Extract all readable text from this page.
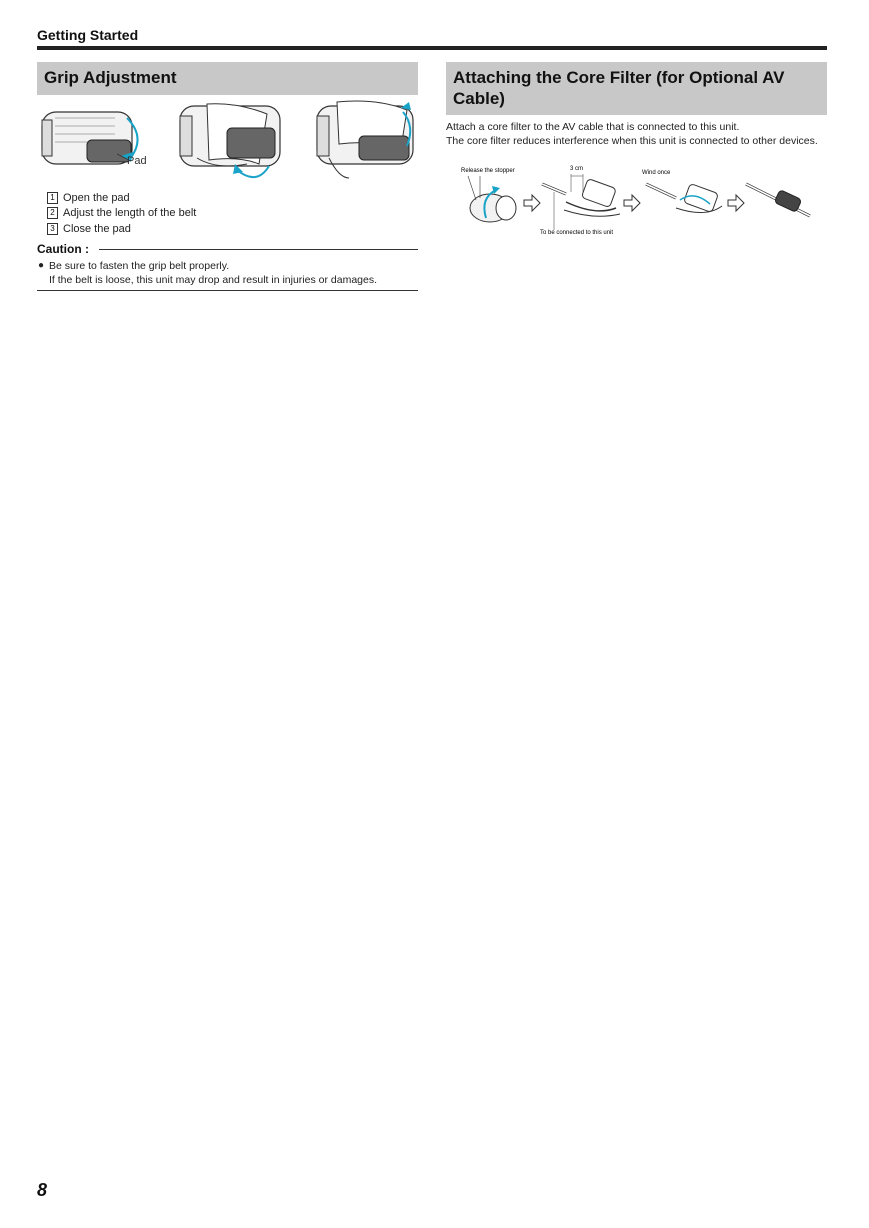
Getting Started
Grip Adjustment
Pad
1 Open the pad
2 Adjust the length of the belt
3 Close the pad
Caution :
● Be sure to fasten the grip belt properly.
If the belt is loose, this unit may drop and result in injuries or damages.
Attaching the Core Filter (for Optional AV Cable)
Attach a core filter to the AV cable that is connected to this unit.
The core filter reduces interference when this unit is connected to other devices.
Release the stopper	3 cm
To be connected to this unit
Wind once
8
